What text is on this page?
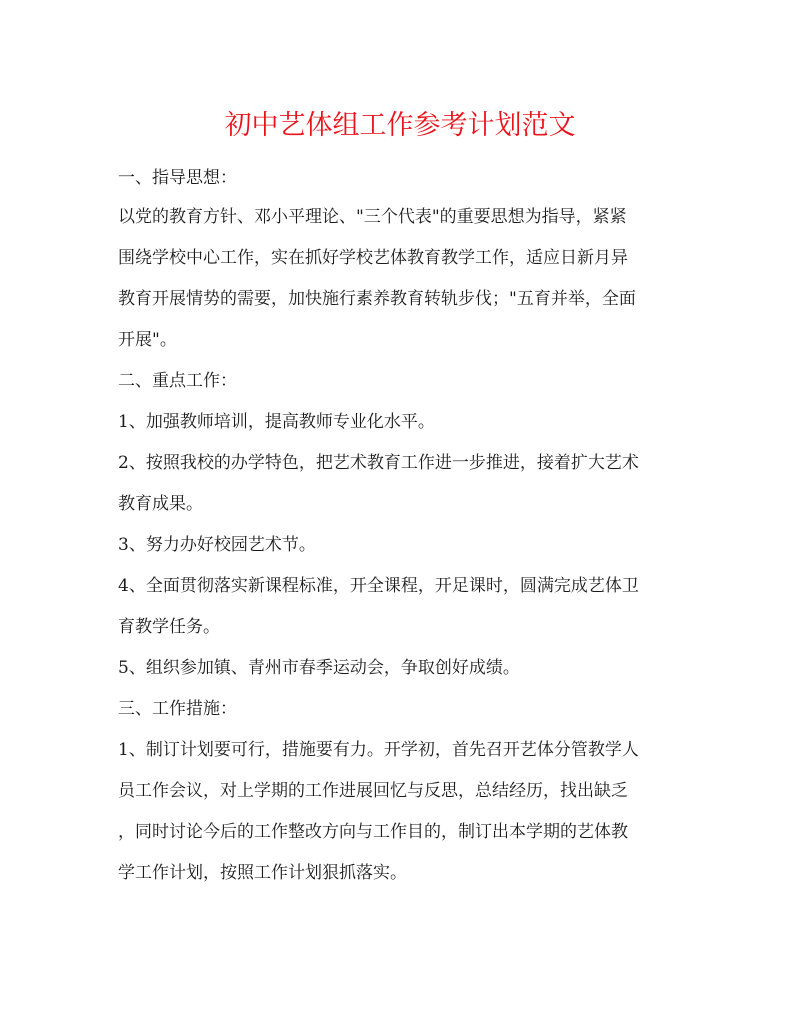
初中艺体组工作参考计划范文

一、指导思想：

以党的教育方针、邓小平理论、"三个代表"的重要思想为指导，紧紧

围绕学校中心工作，实在抓好学校艺体教育教学工作，适应日新月异

教育开展情势的需要，加快施行素养教育转轨步伐；"五育并举，全面

开展"。

二、重点工作：

1、加强教师培训，提高教师专业化水平。

2、按照我校的办学特色，把艺术教育工作进一步推进，接着扩大艺术

教育成果。

3、努力办好校园艺术节。

4、全面贯彻落实新课程标准，开全课程，开足课时，圆满完成艺体卫

育教学任务。

5、组织参加镇、青州市春季运动会，争取创好成绩。

三、工作措施：

1、制订计划要可行，措施要有力。开学初，首先召开艺体分管教学人

员工作会议，对上学期的工作进展回忆与反思，总结经历，找出缺乏

，同时讨论今后的工作整改方向与工作目的，制订出本学期的艺体教

学工作计划，按照工作计划狠抓落实。
